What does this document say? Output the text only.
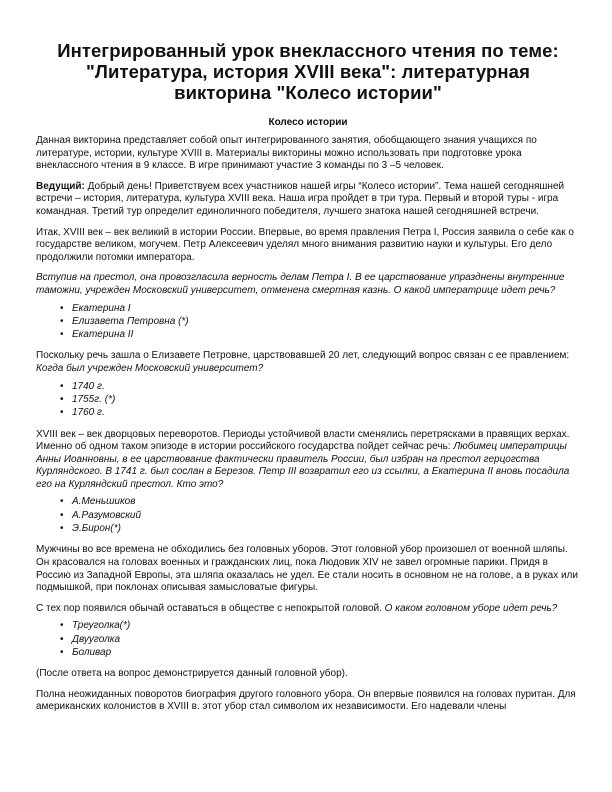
Интегрированный урок внеклассного чтения по теме: "Литература, история XVIII века": литературная викторина "Колесо истории"
Колесо истории

Данная викторина представляет собой опыт интегрированного занятия, обобщающего знания учащихся по литературе, истории, культуре XVIII в. Материалы викторины можно использовать при подготовке урока внеклассного чтения в 9 классе. В игре принимают участие 3 команды по 3 –5 человек.

Ведущий: Добрый день! Приветствуем всех участников нашей игры “Колесо истории”. Тема нашей сегодняшней встречи – история, литература, культура XVIII века. Наша игра пройдет в три тура. Первый и второй туры - игра командная. Третий тур определит единоличного победителя, лучшего знатока нашей сегодняшней встречи.

Итак, XVIII век – век великий в истории России. Впервые, во время правления Петра I, Россия заявила о себе как о государстве великом, могучем. Петр Алексеевич уделял много внимания развитию науки и культуры. Его дело продолжили потомки императора.

Вступив на престол, она провозгласила верность делам Петра I. В ее царствование упразднены внутренние таможни, учрежден Московский университет, отменена смертная казнь. О какой императрице идет речь?

• Екатерина I
• Елизавета Петровна (*)
• Екатерина II

Поскольку речь зашла о Елизавете Петровне, царствовавшей 20 лет, следующий вопрос связан с ее правлением: Когда был учрежден Московский университет?

• 1740 г.
• 1755г. (*)
• 1760 г.

XVIII век – век дворцовых переворотов. Периоды устойчивой власти сменялись перетрясками в правящих верхах. Именно об одном таком эпизоде в истории российского государства пойдет сейчас речь: Любимец императрицы Анны Иоанновны, в ее царствование фактически правитель России, был избран на престол герцогства Курляндского. В 1741 г. был сослан в Березов. Петр III возвратил его из ссылки, а Екатерина II вновь посадила его на Курляндский престол. Кто это?

• А.Меньшиков
• А.Разумовский
• Э.Бирон(*)

Мужчины во все времена не обходились без головных уборов. Этот головной убор произошел от военной шляпы. Он красовался на головах военных и гражданских лиц, пока Людовик XIV не завел огромные парики. Придя в Россию из Западной Европы, эта шляпа оказалась не удел. Ее стали носить в основном не на голове, а в руках или подмышкой, при поклонах описывая замысловатые фигуры.

С тех пор появился обычай оставаться в обществе с непокрытой головой. О каком головном уборе идет речь?

• Треуголка(*)
• Двууголка
• Боливар

(После ответа на вопрос демонстрируется данный головной убор).

Полна неожиданных поворотов биография другого головного убора. Он впервые появился на головах пуритан. Для американских колонистов в XVIII в. этот убор стал символом их независимости. Его надевали члены
